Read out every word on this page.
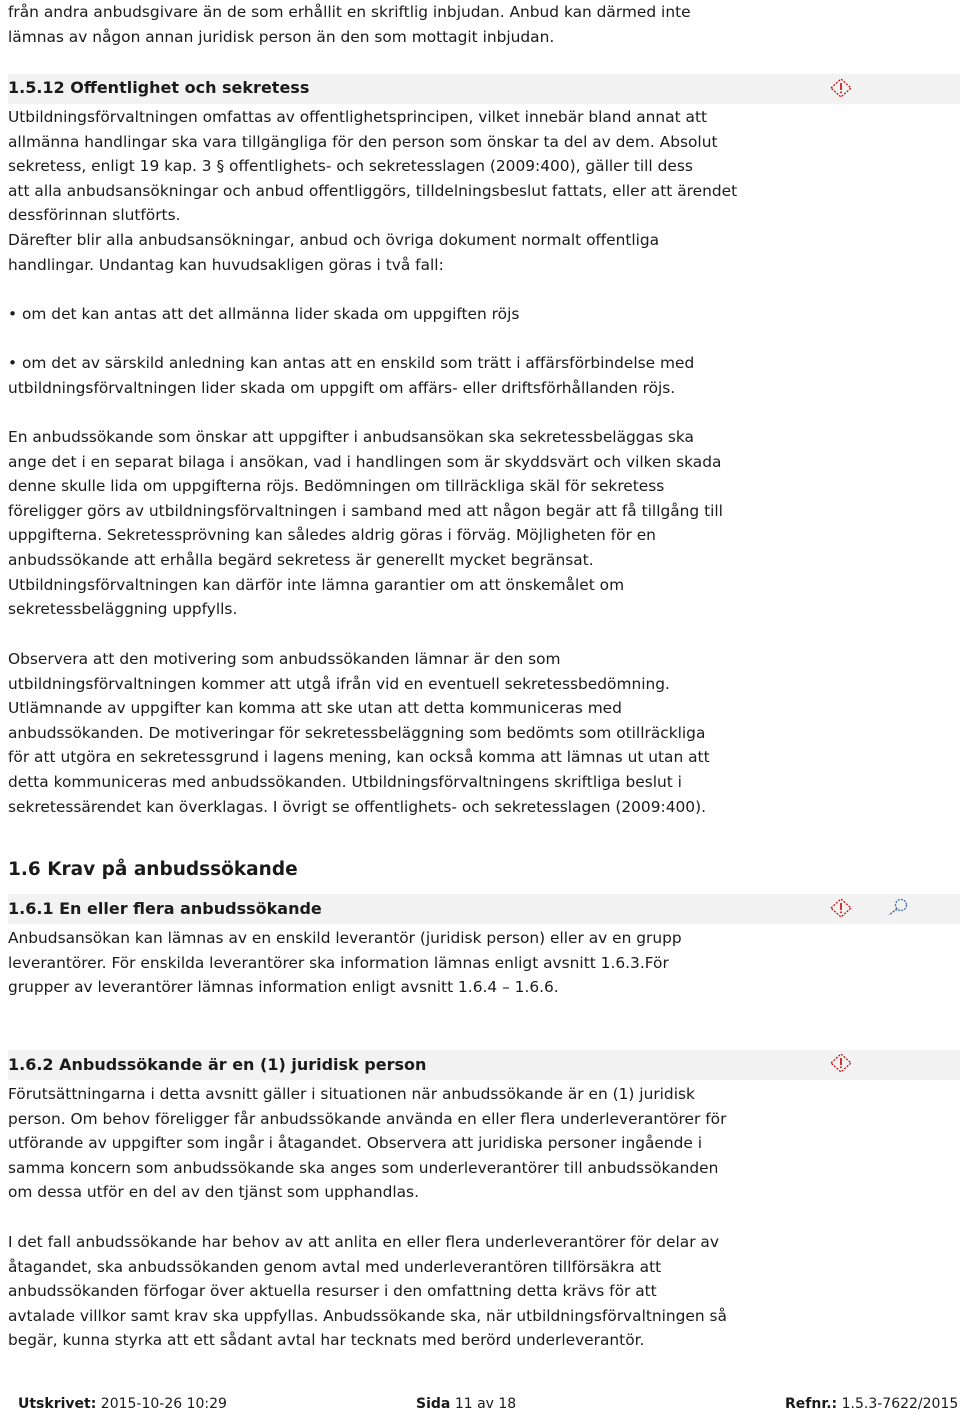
från andra anbudsgivare än de som erhållit en skriftlig inbjudan. Anbud kan därmed inte

lämnas av någon annan juridisk person än den som mottagit inbjudan.

1.5.12 Offentlighet och sekretess

Utbildningsförvaltningen omfattas av offentlighetsprincipen, vilket innebär bland annat att

allmänna handlingar ska vara tillgängliga för den person som önskar ta del av dem. Absolut

sekretess, enligt 19 kap. 3 § offentlighets- och sekretesslagen (2009:400), gäller till dess

att alla anbudsansökningar och anbud offentliggörs, tilldelningsbeslut fattats, eller att ärendet

dessförinnan slutförts.

Därefter blir alla anbudsansökningar, anbud och övriga dokument normalt offentliga

handlingar. Undantag kan huvudsakligen göras i två fall:

• om det kan antas att det allmänna lider skada om uppgiften röjs

• om det av särskild anledning kan antas att en enskild som trätt i affärsförbindelse med

utbildningsförvaltningen lider skada om uppgift om affärs- eller driftsförhållanden röjs.

En anbudssökande som önskar att uppgifter i anbudsansökan ska sekretessbeläggas ska

ange det i en separat bilaga i ansökan, vad i handlingen som är skyddsvärt och vilken skada

denne skulle lida om uppgifterna röjs. Bedömningen om tillräckliga skäl för sekretess

föreligger görs av utbildningsförvaltningen i samband med att någon begär att få tillgång till

uppgifterna. Sekretessprövning kan således aldrig göras i förväg. Möjligheten för en

anbudssökande att erhålla begärd sekretess är generellt mycket begränsat.

Utbildningsförvaltningen kan därför inte lämna garantier om att önskemålet om

sekretessbeläggning uppfylls.

Observera att den motivering som anbudssökanden lämnar är den som

utbildningsförvaltningen kommer att utgå ifrån vid en eventuell sekretessbedömning.

Utlämnande av uppgifter kan komma att ske utan att detta kommuniceras med

anbudssökanden. De motiveringar för sekretessbeläggning som bedömts som otillräckliga

för att utgöra en sekretessgrund i lagens mening, kan också komma att lämnas ut utan att

detta kommuniceras med anbudssökanden. Utbildningsförvaltningens skriftliga beslut i

sekretessärendet kan överklagas. I övrigt se offentlighets- och sekretesslagen (2009:400).

1.6 Krav på anbudssökande

1.6.1 En eller flera anbudssökande

Anbudsansökan kan lämnas av en enskild leverantör (juridisk person) eller av en grupp

leverantörer. För enskilda leverantörer ska information lämnas enligt avsnitt 1.6.3.För

grupper av leverantörer lämnas information enligt avsnitt 1.6.4 – 1.6.6.

1.6.2 Anbudssökande är en (1) juridisk person

Förutsättningarna i detta avsnitt gäller i situationen när anbudssökande är en (1) juridisk

person. Om behov föreligger får anbudssökande använda en eller flera underleverantörer för

utförande av uppgifter som ingår i åtagandet. Observera att juridiska personer ingående i

samma koncern som anbudssökande ska anges som underleverantörer till anbudssökanden

om dessa utför en del av den tjänst som upphandlas.

I det fall anbudssökande har behov av att anlita en eller flera underleverantörer för delar av

åtagandet, ska anbudssökanden genom avtal med underleverantören tillförsäkra att

anbudssökanden förfogar över aktuella resurser i den omfattning detta krävs för att

avtalade villkor samt krav ska uppfyllas. Anbudssökande ska, när utbildningsförvaltningen så

begär, kunna styrka att ett sådant avtal har tecknats med berörd underleverantör.

Utskrivet: 2015-10-26 10:29	Sida 11 av 18	Refnr.: 1.5.3-7622/2015
